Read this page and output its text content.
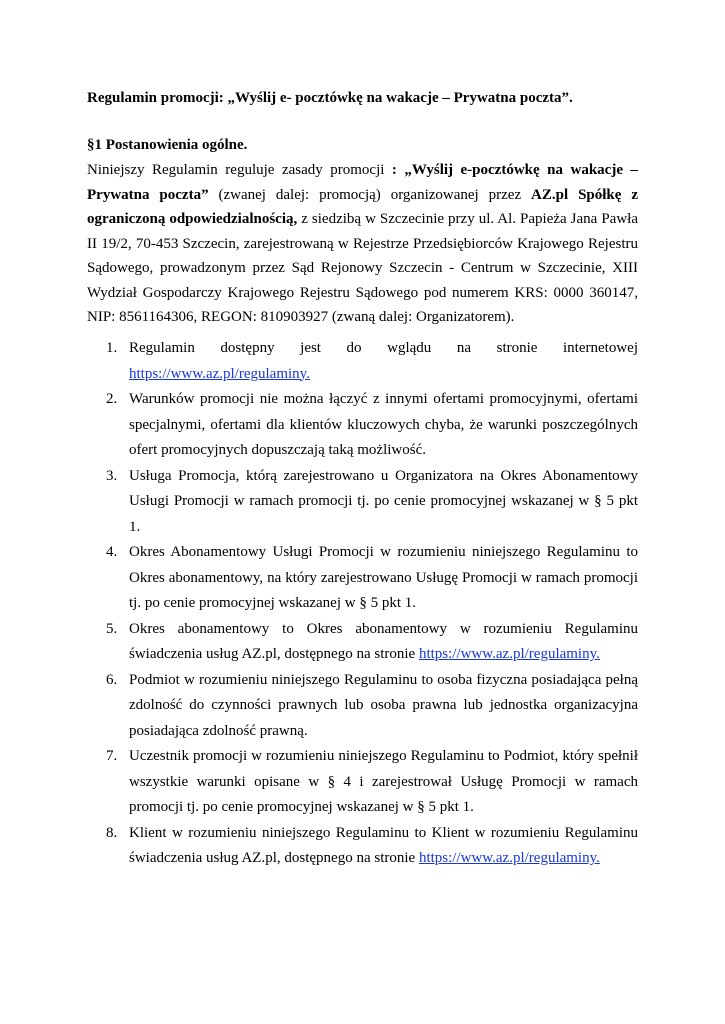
Regulamin promocji: „Wyślij e- pocztówkę na wakacje – Prywatna poczta”.
§1 Postanowienia ogólne.
Niniejszy Regulamin reguluje zasady promocji : „Wyślij e-pocztówkę na wakacje – Prywatna poczta” (zwanej dalej: promocją) organizowanej przez AZ.pl Spółkę z ograniczoną odpowiedzialnością, z siedzibą w Szczecinie przy ul. Al. Papieża Jana Pawła II 19/2, 70-453 Szczecin, zarejestrowaną w Rejestrze Przedsiębiorców Krajowego Rejestru Sądowego, prowadzonym przez Sąd Rejonowy Szczecin - Centrum w Szczecinie, XIII Wydział Gospodarczy Krajowego Rejestru Sądowego pod numerem KRS: 0000 360147, NIP: 8561164306, REGON: 810903927 (zwaną dalej: Organizatorem).
1. Regulamin dostępny jest do wglądu na stronie internetowej
https://www.az.pl/regulaminy.
2. Warunków promocji nie można łączyć z innymi ofertami promocyjnymi, ofertami specjalnymi, ofertami dla klientów kluczowych chyba, że warunki poszczególnych ofert promocyjnych dopuszczają taką możliwość.
3. Usługa Promocja, którą zarejestrowano u Organizatora na Okres Abonamentowy Usługi Promocji w ramach promocji tj. po cenie promocyjnej wskazanej w § 5 pkt 1.
4. Okres Abonamentowy Usługi Promocji w rozumieniu niniejszego Regulaminu to Okres abonamentowy, na który zarejestrowano Usługę Promocji w ramach promocji tj. po cenie promocyjnej wskazanej w § 5 pkt 1.
5. Okres abonamentowy to Okres abonamentowy w rozumieniu Regulaminu świadczenia usług AZ.pl, dostępnego na stronie https://www.az.pl/regulaminy.
6. Podmiot w rozumieniu niniejszego Regulaminu to osoba fizyczna posiadająca pełną zdolność do czynności prawnych lub osoba prawna lub jednostka organizacyjna posiadająca zdolność prawną.
7. Uczestnik promocji w rozumieniu niniejszego Regulaminu to Podmiot, który spełnił wszystkie warunki opisane w § 4 i zarejestrował Usługę Promocji w ramach promocji tj. po cenie promocyjnej wskazanej w § 5 pkt 1.
8. Klient w rozumieniu niniejszego Regulaminu to Klient w rozumieniu Regulaminu świadczenia usług AZ.pl, dostępnego na stronie https://www.az.pl/regulaminy.
